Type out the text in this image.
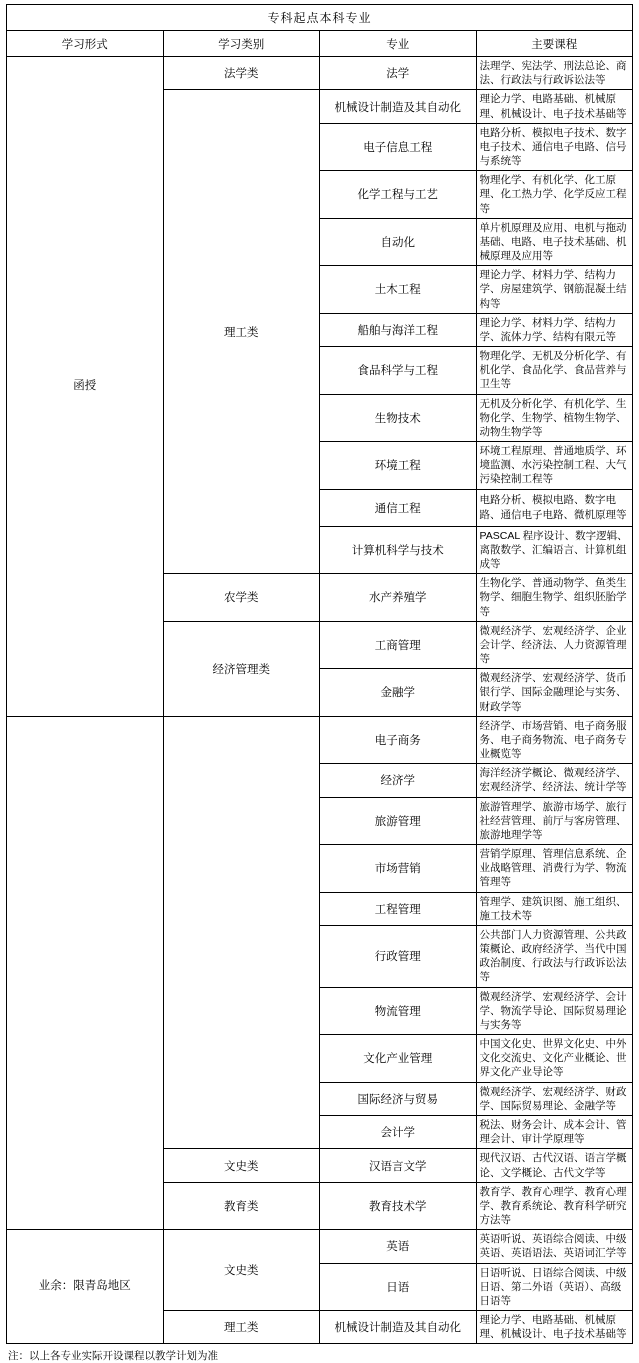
专科起点本科专业			
学习形式	学习类别	专业	主要课程
函授	法学类	法学	法理学、宪法学、刑法总论、商法、行政法与行政诉讼法等
	理工类	机械设计制造及其自动化	理论力学、电路基础、机械原理、机械设计、电子技术基础等
		电子信息工程	电路分析、模拟电子技术、数字电子技术、通信电子电路、信号与系统等
		化学工程与工艺	物理化学、有机化学、化工原理、化工热力学、化学反应工程等
		自动化	单片机原理及应用、电机与拖动基础、电路、电子技术基础、机械原理及应用等
		土木工程	理论力学、材料力学、结构力学、房屋建筑学、钢筋混凝土结构等
		船舶与海洋工程	理论力学、材料力学、结构力学、流体力学、结构有限元等
		食品科学与工程	物理化学、无机及分析化学、有机化学、食品化学、食品营养与卫生等
		生物技术	无机及分析化学、有机化学、生物化学、生物学、植物生物学、动物生物学等
		环境工程	环境工程原理、普通地质学、环境监测、水污染控制工程、大气污染控制工程等
		通信工程	电路分析、模拟电路、数字电路、通信电子电路、微机原理等
		计算机科学与技术	PASCAL 程序设计、数字逻辑、离散数学、汇编语言、计算机组成等
	农学类	水产养殖学	生物化学、普通动物学、鱼类生物学、细胞生物学、组织胚胎学等
	经济管理类	工商管理	微观经济学、宏观经济学、企业会计学、经济法、人力资源管理等
		金融学	微观经济学、宏观经济学、货币银行学、国际金融理论与实务、财政学等
		电子商务	经济学、市场营销、电子商务服务、电子商务物流、电子商务专业概览等
		经济学	海洋经济学概论、微观经济学、宏观经济学、经济法、统计学等
		旅游管理	旅游管理学、旅游市场学、旅行社经营管理、前厅与客房管理、旅游地理学等
		市场营销	营销学原理、管理信息系统、企业战略管理、消费行为学、物流管理等
		工程管理	管理学、建筑识图、施工组织、施工技术等
		行政管理	公共部门人力资源管理、公共政策概论、政府经济学、当代中国政治制度、行政法与行政诉讼法等
		物流管理	微观经济学、宏观经济学、会计学、物流学导论、国际贸易理论与实务等
		文化产业管理	中国文化史、世界文化史、中外文化交流史、文化产业概论、世界文化产业导论等
		国际经济与贸易	微观经济学、宏观经济学、财政学、国际贸易理论、金融学等
		会计学	税法、财务会计、成本会计、管理会计、审计学原理等
	文史类	汉语言文学	现代汉语、古代汉语、语言学概论、文学概论、古代文学等
	教育类	教育技术学	教育学、教育心理学、教育心理学、教育系统论、教育科学研究方法等
业余：限青岛地区	文史类	英语	英语听说、英语综合阅读、中级英语、英语语法、英语词汇学等
		日语	日语听说、日语综合阅读、中级日语、第二外语（英语）、高级日语等
	理工类	机械设计制造及其自动化	理论力学、电路基础、机械原理、机械设计、电子技术基础等
注：以上各专业实际开设课程以教学计划为准
